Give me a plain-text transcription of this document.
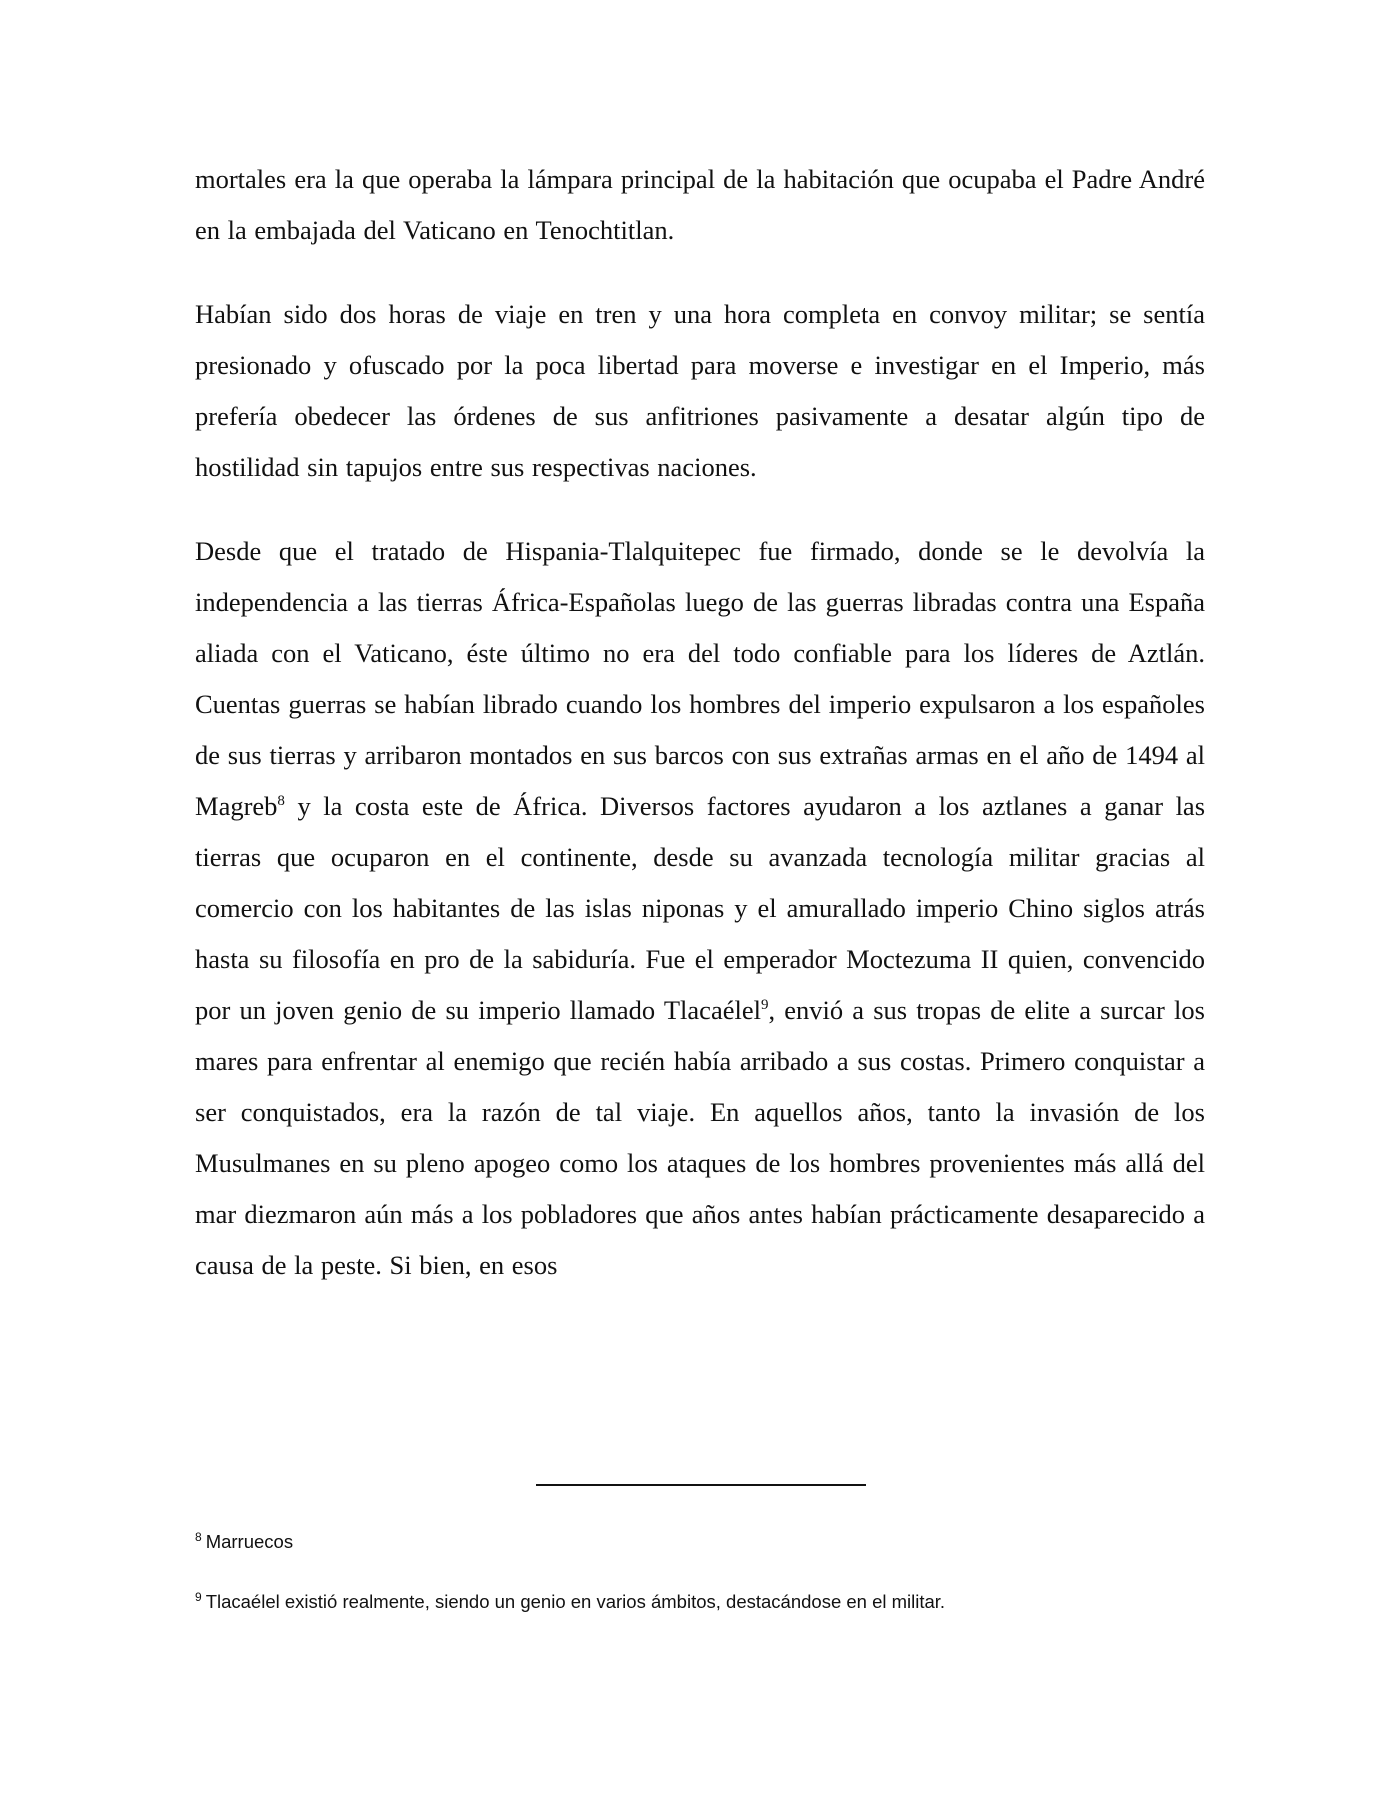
mortales era la que operaba la lámpara principal de la habitación que ocupaba el Padre André en la embajada del Vaticano en Tenochtitlan.

Habían sido dos horas de viaje en tren y una hora completa en convoy militar; se sentía presionado y ofuscado por la poca libertad para moverse e investigar en el Imperio, más prefería obedecer las órdenes de sus anfitriones pasivamente a desatar algún tipo de hostilidad sin tapujos entre sus respectivas naciones.

Desde que el tratado de Hispania-Tlalquitepec fue firmado, donde se le devolvía la independencia a las tierras África-Españolas luego de las guerras libradas contra una España aliada con el Vaticano, éste último no era del todo confiable para los líderes de Aztlán. Cuentas guerras se habían librado cuando los hombres del imperio expulsaron a los españoles de sus tierras y arribaron montados en sus barcos con sus extrañas armas en el año de 1494 al Magreb$^8$ y la costa este de África. Diversos factores ayudaron a los aztlanes a ganar las tierras que ocuparon en el continente, desde su avanzada tecnología militar gracias al comercio con los habitantes de las islas niponas y el amurallado imperio Chino siglos atrás hasta su filosofía en pro de la sabiduría. Fue el emperador Moctezuma II quien, convencido por un joven genio de su imperio llamado Tlacaélel$^9$, envió a sus tropas de elite a surcar los mares para enfrentar al enemigo que recién había arribado a sus costas. Primero conquistar a ser conquistados, era la razón de tal viaje. En aquellos años, tanto la invasión de los Musulmanes en su pleno apogeo como los ataques de los hombres provenientes más allá del mar diezmaron aún más a los pobladores que años antes habían prácticamente desaparecido a causa de la peste. Si bien, en esos

$^8$ Marruecos
$^9$ Tlacaélel existió realmente, siendo un genio en varios ámbitos, destacándose en el militar.
